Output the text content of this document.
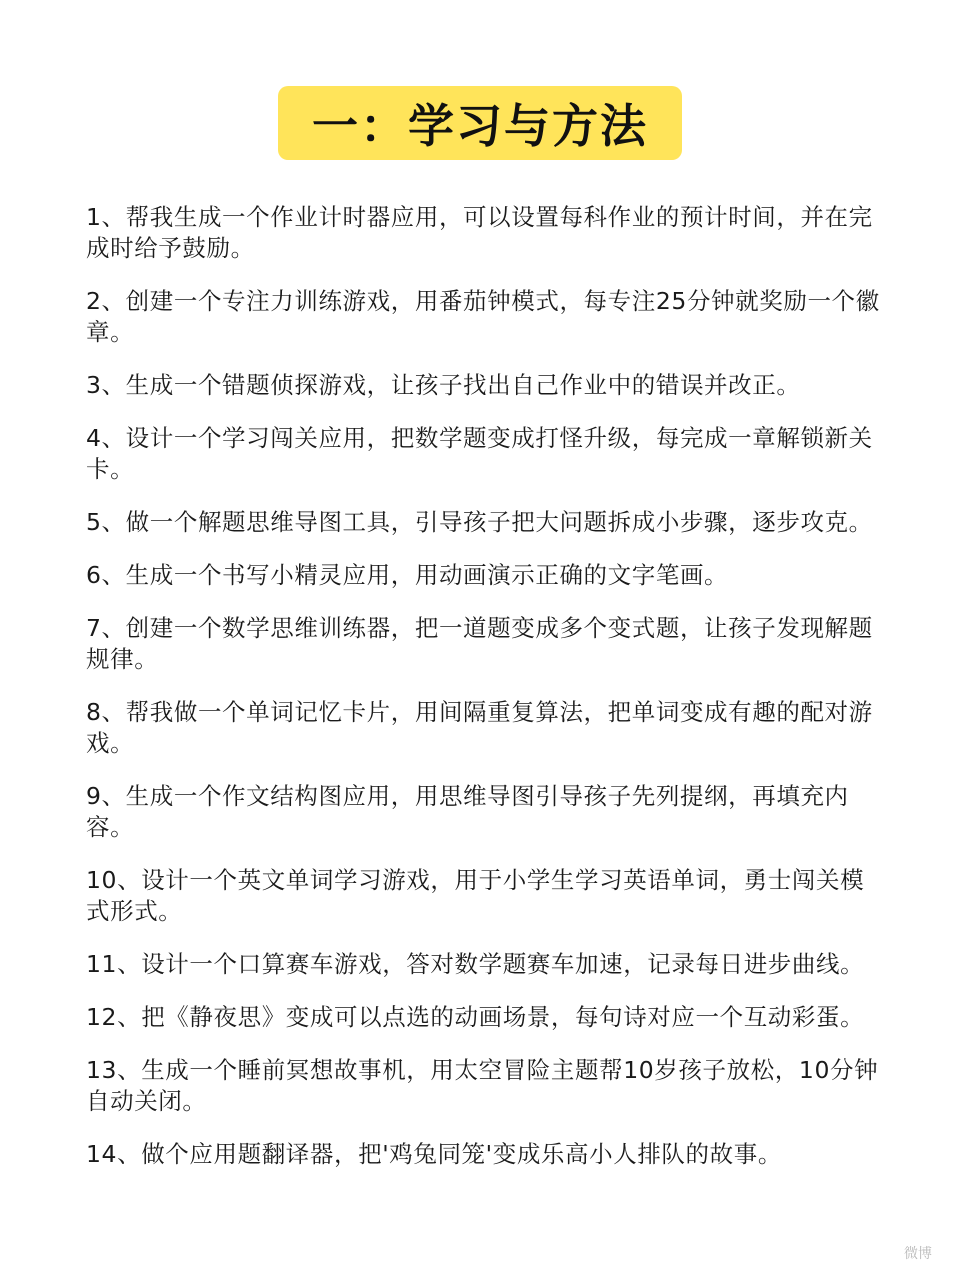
一：学习与方法
1、帮我生成一个作业计时器应用，可以设置每科作业的预计时间，并在完成时给予鼓励。
2、创建一个专注力训练游戏，用番茄钟模式，每专注25分钟就奖励一个徽章。
3、生成一个错题侦探游戏，让孩子找出自己作业中的错误并改正。
4、设计一个学习闯关应用，把数学题变成打怪升级，每完成一章解锁新关卡。
5、做一个解题思维导图工具，引导孩子把大问题拆成小步骤，逐步攻克。
6、生成一个书写小精灵应用，用动画演示正确的文字笔画。
7、创建一个数学思维训练器，把一道题变成多个变式题，让孩子发现解题规律。
8、帮我做一个单词记忆卡片，用间隔重复算法，把单词变成有趣的配对游戏。
9、生成一个作文结构图应用，用思维导图引导孩子先列提纲，再填充内容。
10、设计一个英文单词学习游戏，用于小学生学习英语单词，勇士闯关模式形式。
11、设计一个口算赛车游戏，答对数学题赛车加速，记录每日进步曲线。
12、把《静夜思》变成可以点选的动画场景，每句诗对应一个互动彩蛋。
13、生成一个睡前冥想故事机，用太空冒险主题帮10岁孩子放松，10分钟自动关闭。
14、做个应用题翻译器，把'鸡兔同笼'变成乐高小人排队的故事。
微博
